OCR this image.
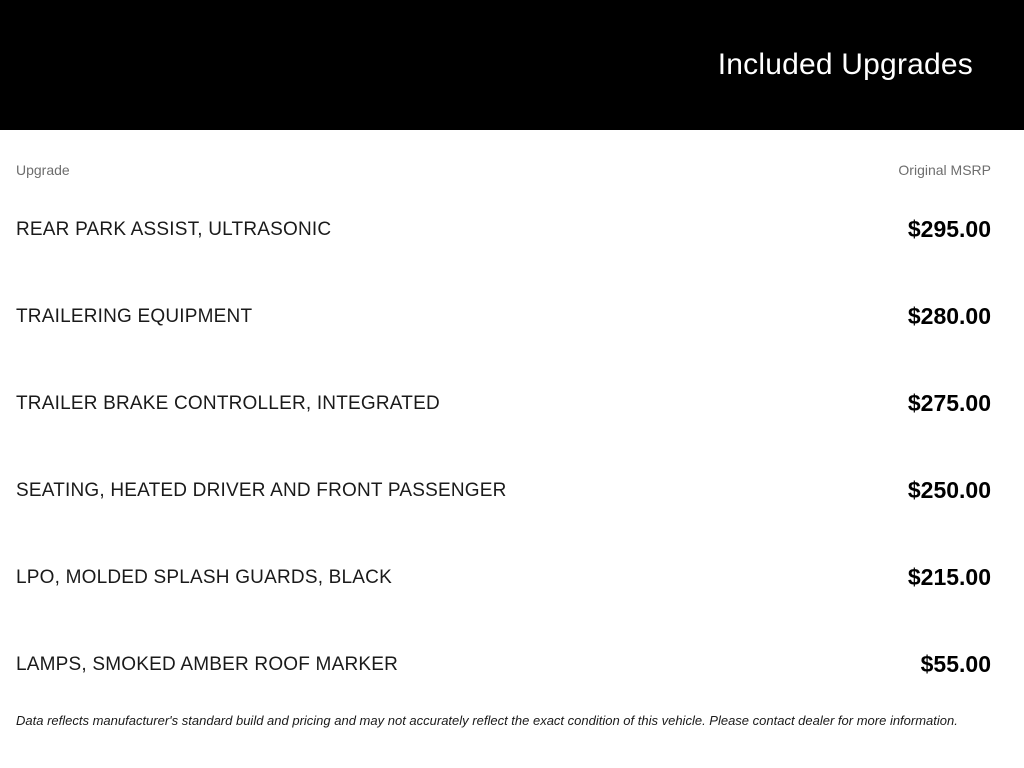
Included Upgrades
Upgrade	Original MSRP
REAR PARK ASSIST, ULTRASONIC	$295.00
TRAILERING EQUIPMENT	$280.00
TRAILER BRAKE CONTROLLER, INTEGRATED	$275.00
SEATING, HEATED DRIVER AND FRONT PASSENGER	$250.00
LPO, MOLDED SPLASH GUARDS, BLACK	$215.00
LAMPS, SMOKED AMBER ROOF MARKER	$55.00
Data reflects manufacturer's standard build and pricing and may not accurately reflect the exact condition of this vehicle. Please contact dealer for more information.
